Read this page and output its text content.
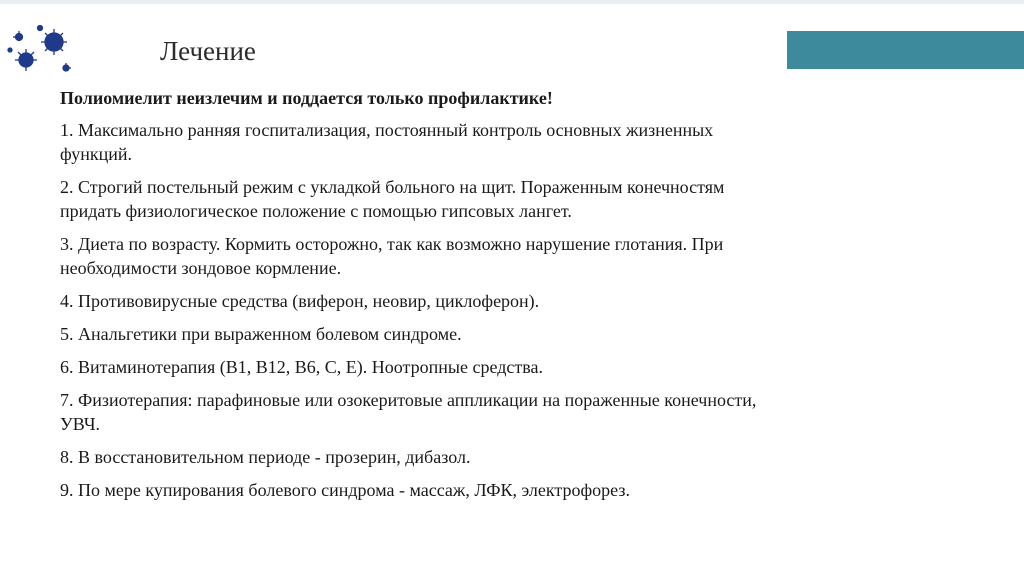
Лечение

Полиомиелит неизлечим и поддается только профилактике!

1. Максимально ранняя госпитализация, постоянный контроль основных жизненных функций.

2. Строгий постельный режим с укладкой больного на щит. Пораженным конечностям придать физиологическое положение с помощью гипсовых лангет.

3. Диета по возрасту. Кормить осторожно, так как возможно нарушение глотания. При необходимости зондовое кормление.

4. Противовирусные средства (виферон, неовир, циклоферон).

5. Анальгетики при выраженном болевом синдроме.

6. Витаминотерапия (В1, В12, В6, С, Е). Ноотропные средства.

7. Физиотерапия: парафиновые или озокеритовые аппликации на пораженные конечности, УВЧ.

8. В восстановительном периоде - прозерин, дибазол.

9. По мере купирования болевого синдрома - массаж, ЛФК, электрофорез.
